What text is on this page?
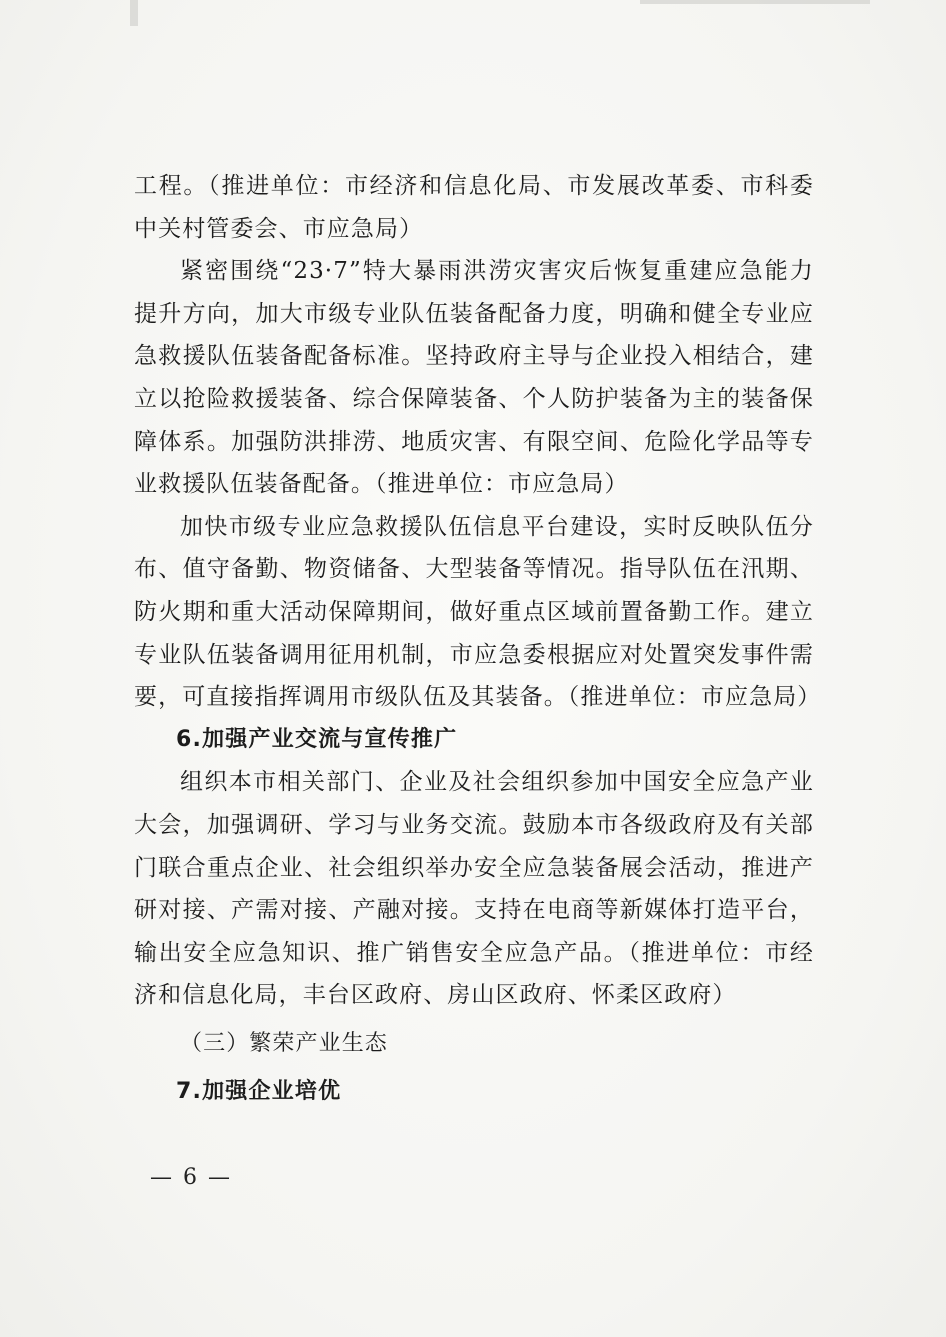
工程。（推进单位：市经济和信息化局、市发展改革委、市科委中关村管委会、市应急局）

紧密围绕“23·7”特大暴雨洪涝灾害灾后恢复重建应急能力提升方向，加大市级专业队伍装备配备力度，明确和健全专业应急救援队伍装备配备标准。坚持政府主导与企业投入相结合，建立以抢险救援装备、综合保障装备、个人防护装备为主的装备保障体系。加强防洪排涝、地质灾害、有限空间、危险化学品等专业救援队伍装备配备。（推进单位：市应急局）

加快市级专业应急救援队伍信息平台建设，实时反映队伍分布、值守备勤、物资储备、大型装备等情况。指导队伍在汛期、防火期和重大活动保障期间，做好重点区域前置备勤工作。建立专业队伍装备调用征用机制，市应急委根据应对处置突发事件需要，可直接指挥调用市级队伍及其装备。（推进单位：市应急局）

6.加强产业交流与宣传推广

组织本市相关部门、企业及社会组织参加中国安全应急产业大会，加强调研、学习与业务交流。鼓励本市各级政府及有关部门联合重点企业、社会组织举办安全应急装备展会活动，推进产研对接、产需对接、产融对接。支持在电商等新媒体打造平台，输出安全应急知识、推广销售安全应急产品。（推进单位：市经济和信息化局，丰台区政府、房山区政府、怀柔区政府）

（三）繁荣产业生态

7.加强企业培优

— 6 —
